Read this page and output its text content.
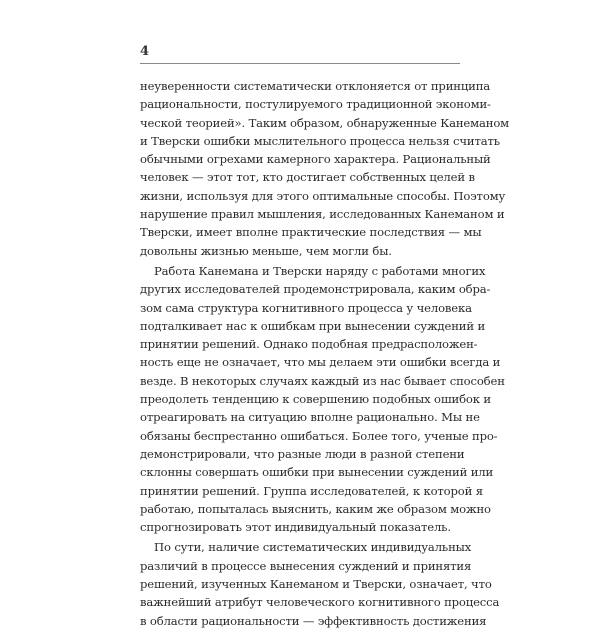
4
неуверенности систематически отклоняется от принципа
рациональности, постулируемого традиционной экономи-
ческой теорией». Таким образом, обнаруженные Канеманом
и Тверски ошибки мыслительного процесса нельзя считать
обычными огрехами камерного характера. Рациональный
человек — этот тот, кто достигает собственных целей в
жизни, используя для этого оптимальные способы. Поэтому
нарушение правил мышления, исследованных Канеманом и
Тверски, имеет вполне практические последствия — мы
довольны жизнью меньше, чем могли бы.
Работа Канемана и Тверски наряду с работами многих
других исследователей продемонстрировала, каким обра-
зом сама структура когнитивного процесса у человека
подталкивает нас к ошибкам при вынесении суждений и
принятии решений. Однако подобная предрасположен-
ность еще не означает, что мы делаем эти ошибки всегда и
везде. В некоторых случаях каждый из нас бывает способен
преодолеть тенденцию к совершению подобных ошибок и
отреагировать на ситуацию вполне рационально. Мы не
обязаны беспрестанно ошибаться. Более того, ученые про-
демонстрировали, что разные люди в разной степени
склонны совершать ошибки при вынесении суждений или
принятии решений. Группа исследователей, к которой я
работаю, попыталась выяснить, каким же образом можно
спрогнозировать этот индивидуальный показатель.
По сути, наличие систематических индивидуальных
различий в процессе вынесения суждений и принятия
решений, изученных Канеманом и Тверски, означает, что
важнейший атрибут человеческого когнитивного процесса
в области рациональности — эффективность достижения
